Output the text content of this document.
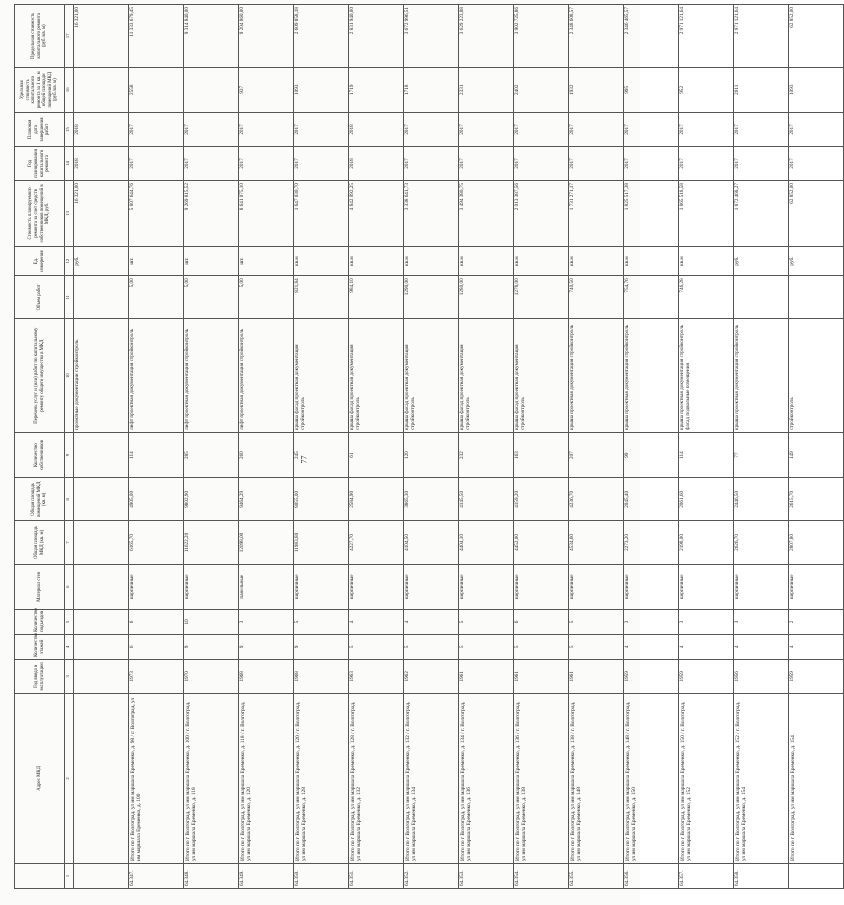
77
	Адрес МКД	Год ввода в эксплуатацию	Количество этажей	Количество подъездов	Материал стен	Общая площадь МКД (кв. м)	Общая площадь помещений МКД (кв. м)	Количество собственников	Перечень услуг и (или) работ по капитальному ремонту общего имущества в МКД	Объем работ	Ед. измерения	Стоимость планируемого ремонта за счет средств собственников помещений в МКД, руб.	Год планирования капитального ремонта	Плановая дата завершения работ	Удельная стоимость капитального ремонта за 1 кв. м общей площади помещений МКД (руб./кв. м)	Предельная стоимость капитального ремонта (руб./кв. м)
1	2	3	4	5	6	7	8	9	10	11	12	13	14	15	16	17
									проектные документации стройконтроль		руб.	16 321,00	2018	2018		16 321,00
64.347.	Итого по г Волгоград, ул им маршала Еременко, д. 98 / г. Волгоград, ул им маршала Еременко, д. 100	1973	6	6	кирпичные	6165,70	4905,00	114	лифт проектная документация стройконтроль	5,00	шт.	5 807 644,76	2017	2017	2558	11 333 679,45
64.348.	Итого по г Волгоград, ул им маршала Еременко, д. 100 / г. Волгоград, ул им маршала Еременко, д. 118	1970	9	10	кирпичные	11622,20	9802,90	285	лифт проектная документация стройконтроль	5,00	шт.	9 269 815,52	2017	2017		9 314 840,00
64.349.	Итого по г Волгоград, ул им маршала Еременко, д. 118 / г. Волгоград, ул им маршала Еременко, д. 120	1968	9	3	панельные	12098,00	9464,29	260	лифт проектная документация стройконтроль	5,00	шт.	8 641 075,10	2017	2017	937	9 204 860,00
64.350.	Итого по г Волгоград, ул им маршала Еременко, д. 120 / г. Волгоград, ул им маршала Еременко, д. 128	1968	9	5	кирпичные	11983,80	8055,00	245	крыша фасад проектная документация стройконтроль	821,84	кв.м	1 647 030,70	2017	2017	1093	2 609 858,18
64.351.	Итого по г Волгоград, ул им маршала Еременко, д. 128 / г. Волгоград, ул им маршала Еременко, д. 132	1963	5	4	кирпичные	4227,70	2584,90	61	крыша фасад проектная документация стройконтроль	984,10	кв.м	4 842 092,25	2018	2018	1719	2 831 940,00
64.352.	Итого по г Волгоград, ул им маршала Еременко, д. 132 / г. Волгоград, ул им маршала Еременко, д. 134	1962	5	4	кирпичные	4104,50	3865,30	120	крыша фасад проектная документация стройконтроль	1290,00	кв.м	3 338 641,73	2017	2017	1718	3 672 996,51
64.353.	Итого по г Волгоград, ул им маршала Еременко, д. 134 / г. Волгоград, ул им маршала Еременко, д. 136	1961	5	5	кирпичные	4404,10	4145,50	232	крыша фасад проектная документация стройконтроль	1280,00	кв.м	3 494 380,75	2017	2017	2331	3 629 223,88
64.354.	Итого по г Волгоград, ул им маршала Еременко, д. 136 / г. Волгоград, ул им маршала Еременко, д. 138	1961	5	6	кирпичные	4452,00	4159,20	163	крыша фасад проектная документация стройконтроль	1278,00	кв.м	2 013 387,56	2017	2017	2402	3 902 725,86
64.355.	Итого по г Волгоград, ул им маршала Еременко, д. 138 / г. Волгоград, ул им маршала Еременко, д. 148	1961	5	5	кирпичные	4534,60	4236,70	207	крыша проектная документация стройконтроль	740,50	кв.м	1 731 271,17	2017	2017	1932	2 348 608,57
64.356.	Итого по г Волгоград, ул им маршала Еременко, д. 148 / г. Волгоград, ул им маршала Еременко, д. 150	1959	4	3	кирпичные	2273,20	2045,40	99	крыша проектная документация стройконтроль	754,76	кв.м	1 825 517,38	2017	2017	995	2 346 465,57
64.357.	Итого по г Волгоград, ул им маршала Еременко, д. 150 / г. Волгоград, ул им маршала Еременко, д. 152	1959	4	3	кирпичные	2198,00	2061,60	114	крыша проектная документация стройконтроль фасад подвальные помещения	746,28	кв.м	1 865 518,58	2017	2017	952	2 971 121,64
64.358.	Итого по г Волгоград, ул им маршала Еременко, д. 152 / г. Волгоград, ул им маршала Еременко, д. 154	1956	4	3	кирпичные	2626,70	2446,50	77	крыша проектная документация стройконтроль		руб.	1 872 468,27	2017	2017	2011	2 971 121,64
	Итого по г Волгоград, ул им маршала Еременко, д. 154	1959	4	2	кирпичные	2807,80	2615,70	149	стройконтроль		руб.	62 852,00	2017	2017	1093	62 852,00
